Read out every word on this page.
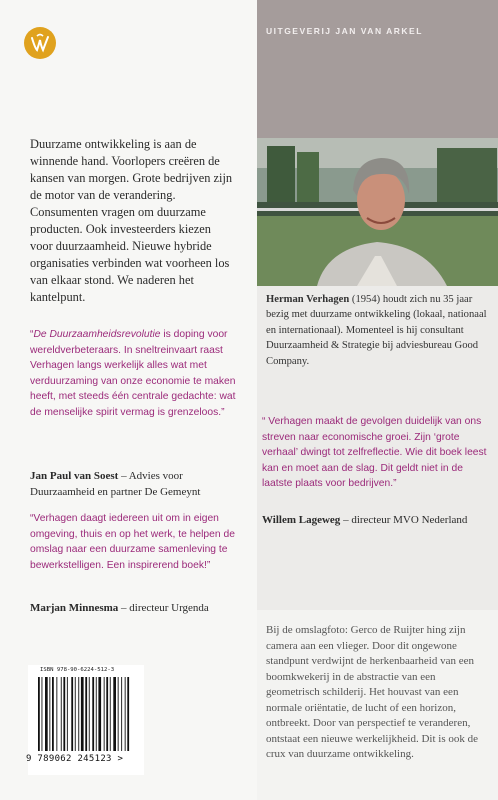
UITGEVERIJ JAN VAN ARKEL
Duurzame ontwikkeling is aan de winnende hand. Voorlopers creëren de kansen van morgen. Grote bedrijven zijn de motor van de verandering. Consumenten vragen om duurzame producten. Ook investeerders kiezen voor duurzaamheid. Nieuwe hybride organisaties verbinden wat voorheen los van elkaar stond. We naderen het kantelpunt.	Herman Verhagen (1954) houdt zich nu 35 jaar bezig met duurzame ontwikkeling (lokaal, nationaal en internationaal). Momenteel is hij consultant Duurzaamheid & Strategie bij adviesbureau Good Company.
“De Duurzaamheidsrevolutie is doping voor wereldverbeteraars. In sneltreinvaart raast Verhagen langs werkelijk alles wat met verduurzaming van onze economie te maken heeft, met steeds één centrale gedachte: wat de menselijke spirit vermag is grenzeloos.”
Jan Paul van Soest – Advies voor Duurzaamheid en partner De Gemeynt
“Verhagen daagt iedereen uit om in eigen omgeving, thuis en op het werk, te helpen de omslag naar een duurzame samenleving te bewerkstelligen. Een inspirerend boek!”
Marjan Minnesma – directeur Urgenda
“ Verhagen maakt de gevolgen duidelijk van ons streven naar economische groei. Zijn ‘grote verhaal’ dwingt tot zelfreflectie. Wie dit boek leest kan en moet aan de slag. Dit geldt niet in de laatste plaats voor bedrijven.”
Willem Lageweg – directeur MVO Nederland
Bij de omslagfoto: Gerco de Ruijter hing zijn camera aan een vlieger. Door dit ongewone standpunt verdwijnt de herkenbaarheid van een boomkwekerij in de abstractie van een geometrisch schilderij. Het houvast van een normale oriëntatie, de lucht of een horizon, ontbreekt. Door van perspectief te veranderen, ontstaat een nieuwe werkelijkheid. Dit is ook de crux van duurzame ontwikkeling.
ISBN 978-90-6224-512-3
9 789062 245123 >
